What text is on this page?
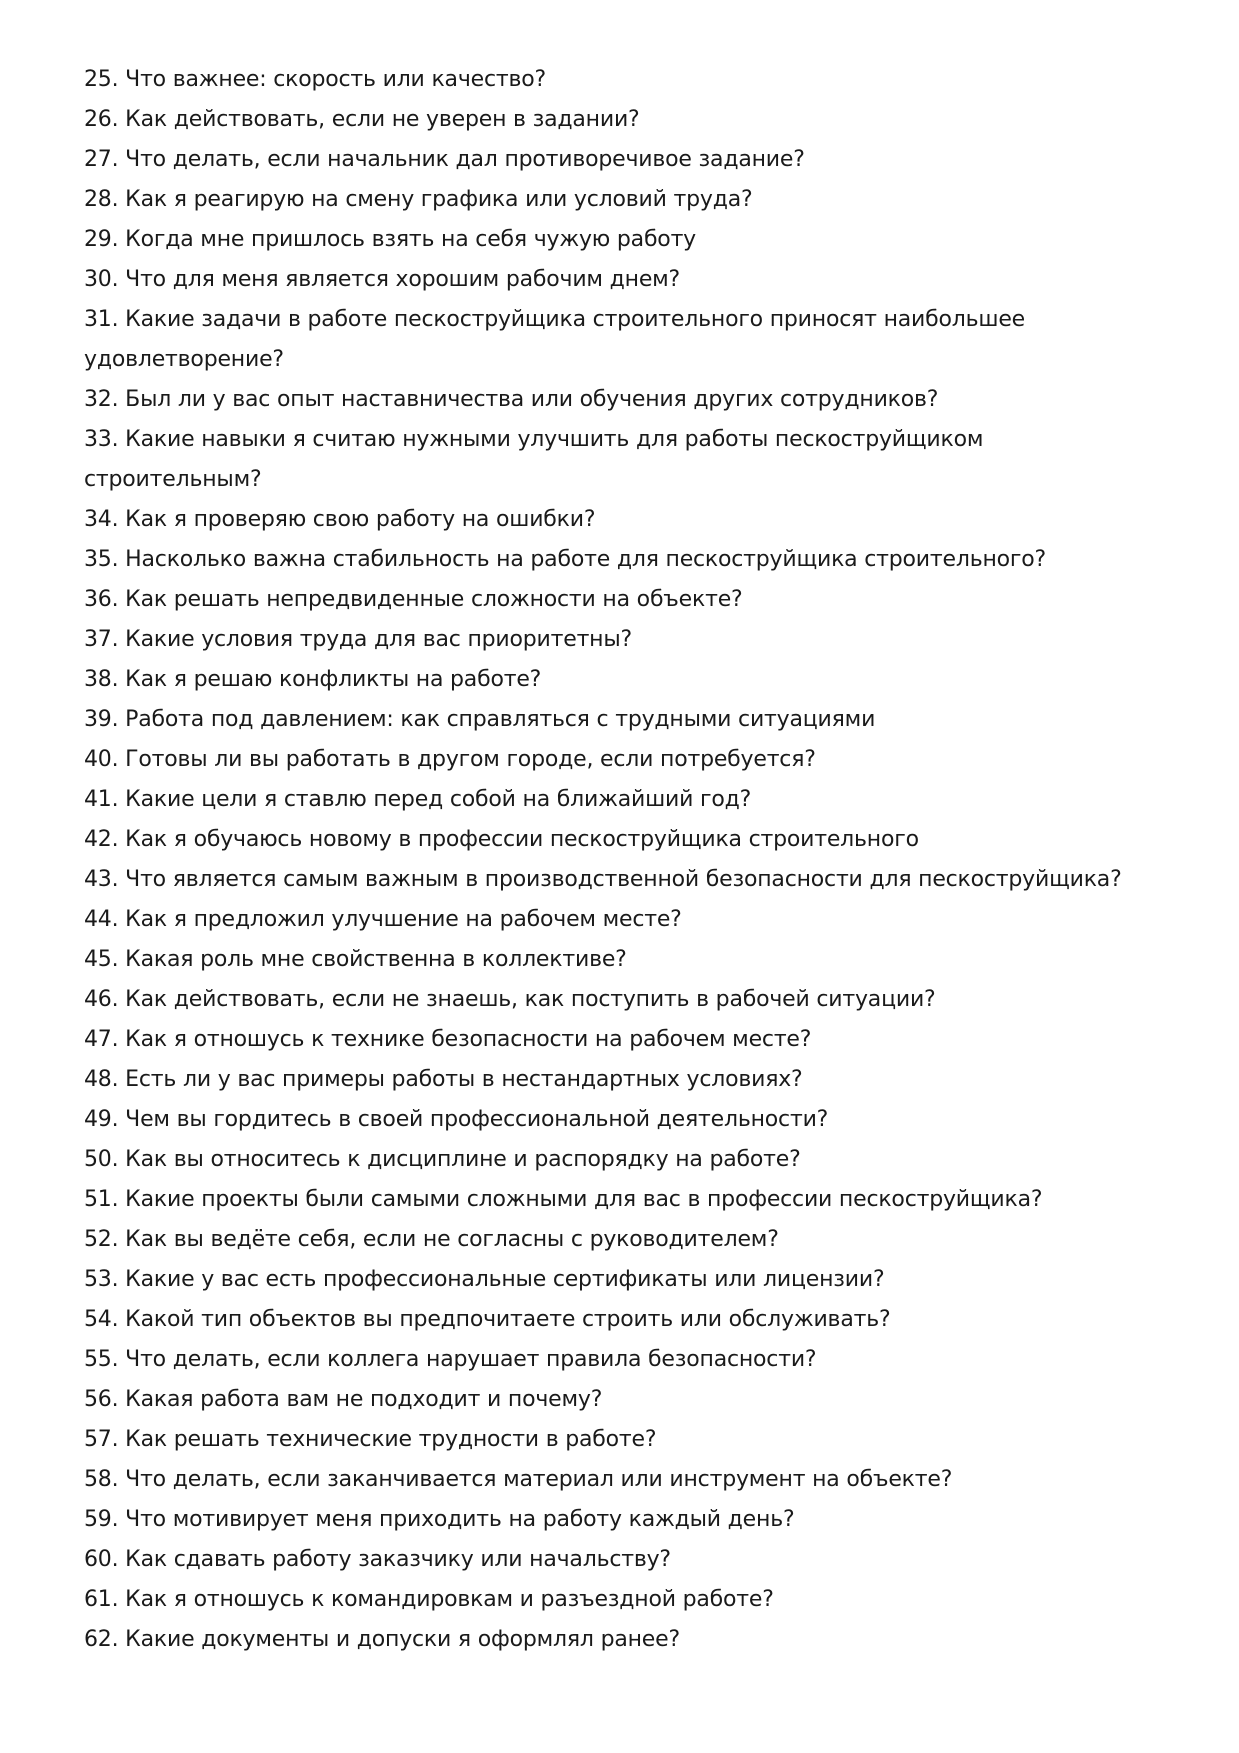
25. Что важнее: скорость или качество?
26. Как действовать, если не уверен в задании?
27. Что делать, если начальник дал противоречивое задание?
28. Как я реагирую на смену графика или условий труда?
29. Когда мне пришлось взять на себя чужую работу
30. Что для меня является хорошим рабочим днем?
31. Какие задачи в работе пескоструйщика строительного приносят наибольшее удовлетворение?
32. Был ли у вас опыт наставничества или обучения других сотрудников?
33. Какие навыки я считаю нужными улучшить для работы пескоструйщиком строительным?
34. Как я проверяю свою работу на ошибки?
35. Насколько важна стабильность на работе для пескоструйщика строительного?
36. Как решать непредвиденные сложности на объекте?
37. Какие условия труда для вас приоритетны?
38. Как я решаю конфликты на работе?
39. Работа под давлением: как справляться с трудными ситуациями
40. Готовы ли вы работать в другом городе, если потребуется?
41. Какие цели я ставлю перед собой на ближайший год?
42. Как я обучаюсь новому в профессии пескоструйщика строительного
43. Что является самым важным в производственной безопасности для пескоструйщика?
44. Как я предложил улучшение на рабочем месте?
45. Какая роль мне свойственна в коллективе?
46. Как действовать, если не знаешь, как поступить в рабочей ситуации?
47. Как я отношусь к технике безопасности на рабочем месте?
48. Есть ли у вас примеры работы в нестандартных условиях?
49. Чем вы гордитесь в своей профессиональной деятельности?
50. Как вы относитесь к дисциплине и распорядку на работе?
51. Какие проекты были самыми сложными для вас в профессии пескоструйщика?
52. Как вы ведёте себя, если не согласны с руководителем?
53. Какие у вас есть профессиональные сертификаты или лицензии?
54. Какой тип объектов вы предпочитаете строить или обслуживать?
55. Что делать, если коллега нарушает правила безопасности?
56. Какая работа вам не подходит и почему?
57. Как решать технические трудности в работе?
58. Что делать, если заканчивается материал или инструмент на объекте?
59. Что мотивирует меня приходить на работу каждый день?
60. Как сдавать работу заказчику или начальству?
61. Как я отношусь к командировкам и разъездной работе?
62. Какие документы и допуски я оформлял ранее?
